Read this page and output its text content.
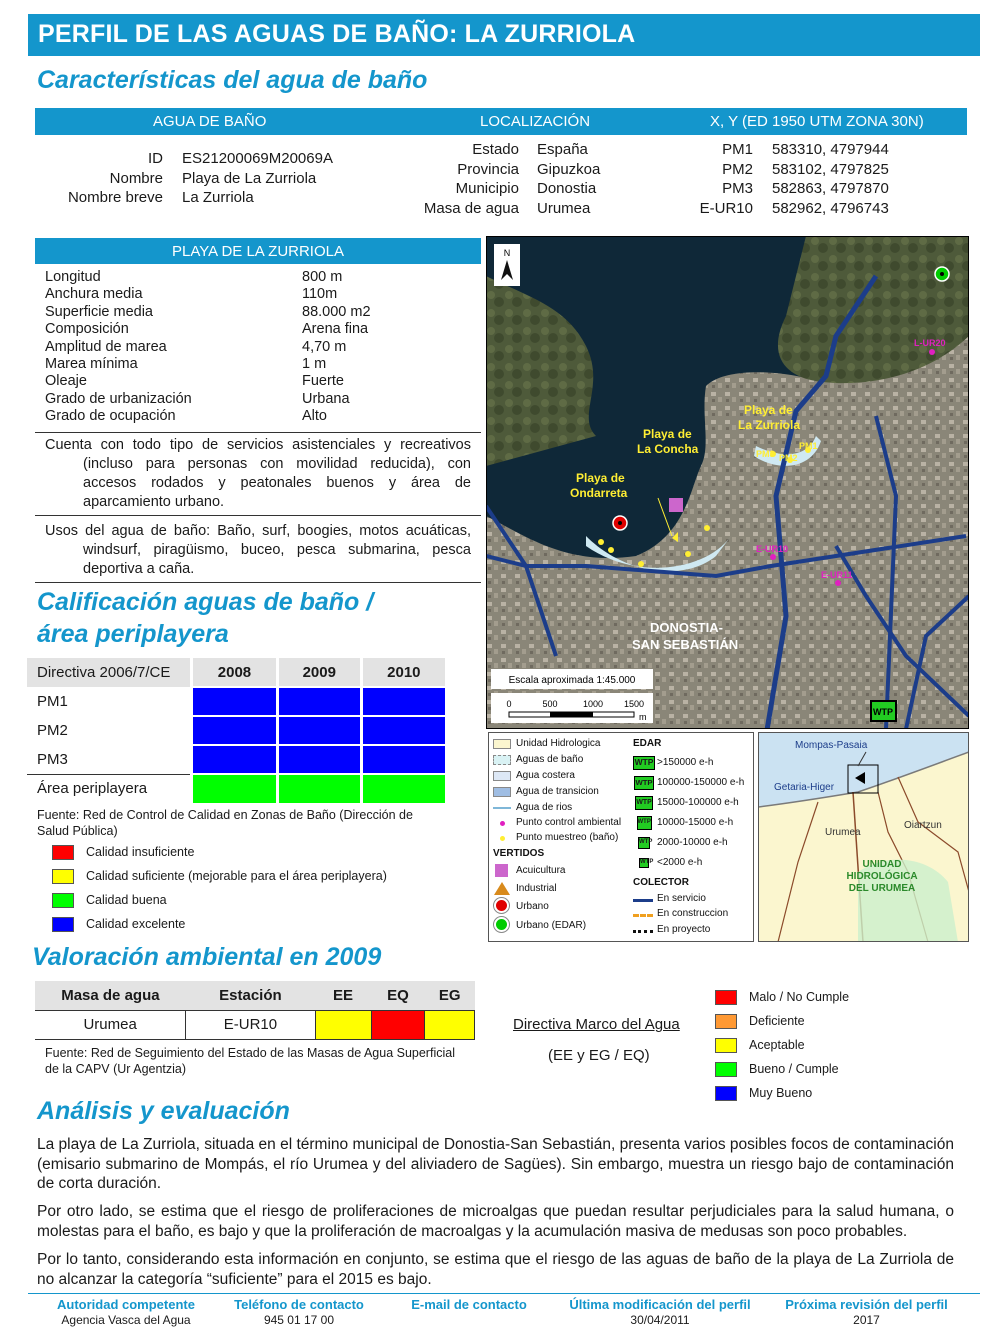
PERFIL DE LAS AGUAS DE BAÑO: LA ZURRIOLA
Características del agua de baño
AGUA DE BAÑO	LOCALIZACIÓN	X, Y (ED 1950 UTM ZONA 30N)
ID ES21200069M20069A
Nombre Playa de La Zurriola
Nombre breve La Zurriola
Estado España
Provincia Gipuzkoa
Municipio Donostia
Masa de agua Urumea
PM1 583310, 4797944
PM2 583102, 4797825
PM3 582863, 4797870
E-UR10 582962, 4796743
PLAYA DE LA ZURRIOLA
Longitud	800 m
Anchura media	110m
Superficie media	88.000 m2
Composición	Arena fina
Amplitud de marea	4,70 m
Marea mínima	1 m
Oleaje	Fuerte
Grado de urbanización	Urbana
Grado de ocupación	Alto
Cuenta con todo tipo de servicios asistenciales y recreativos (incluso para personas con movilidad reducida), con accesos rodados y peatonales buenos y área de aparcamiento urbano.
Usos del agua de baño: Baño, surf, boogies, motos acuáticas, windsurf, piragüismo, buceo, pesca submarina, pesca deportiva a caña.
Calificación aguas de baño /
área periplayera
Directiva 2006/7/CE	2008	2009	2010
PM1			
PM2			
PM3			
Área periplayera			
Fuente: Red de Control de Calidad en Zonas de Baño (Dirección de Salud Pública)
Calidad insuficiente
Calidad suficiente (mejorable para el área periplayera)
Calidad buena
Calidad excelente
Valoración ambiental en 2009
Masa de agua	Estación	EE	EQ	EG
Urumea	E-UR10			
Fuente: Red de Seguimiento del Estado de las Masas de Agua Superficial de la CAPV (Ur Agentzia)
Directiva Marco del Agua
(EE y EG / EQ)
Malo / No Cumple
Deficiente
Aceptable
Bueno / Cumple
Muy Bueno
N
L-UR20
Playa de
La Zurriola
Playa de
La Concha
Playa de
Ondarreta
PM3 PM2
PM1
E-UR10
E-UR11
DONOSTIA-
SAN SEBASTIÁN
Escala aproximada 1:45.000
0	500	1000 1500
m	WTP
Unidad Hidrologica
Aguas de baño
Agua costera
Agua de transicion
Agua de rios
Punto control ambiental
Punto muestreo (baño)
VERTIDOS
Acuicultura
Industrial
Urbano
Urbano (EDAR)
EDAR
WTP >150000 e-h
WTP 100000-150000 e-h
WTP 15000-100000 e-h
WTP 10000-15000 e-h
WTP 2000-10000 e-h
WTP <2000 e-h
COLECTOR
En servicio
En construccion
En proyecto
Mompas-Pasaia
Getaria-Higer
Oiartzun
Urumea
UNIDAD
HIDROLÓGICA
DEL URUMEA
Análisis y evaluación
La playa de La Zurriola, situada en el término municipal de Donostia-San Sebastián, presenta varios posibles focos de contaminación (emisario submarino de Mompás, el río Urumea y del aliviadero de Sagües). Sin embargo, muestra un riesgo bajo de contaminación de corta duración.
Por otro lado, se estima que el riesgo de proliferaciones de microalgas que puedan resultar perjudiciales para la salud humana, o molestas para el baño, es bajo y que la proliferación de macroalgas y la acumulación masiva de medusas son poco probables.
Por lo tanto, considerando esta información en conjunto, se estima que el riesgo de las aguas de baño de la playa de La Zurriola de no alcanzar la categoría “suficiente” para el 2015 es bajo.
Autoridad competente
Agencia Vasca del Agua
Teléfono de contacto
945 01 17 00
E-mail de contacto	Última modificación del perfil
30/04/2011
Próxima revisión del perfil
2017
